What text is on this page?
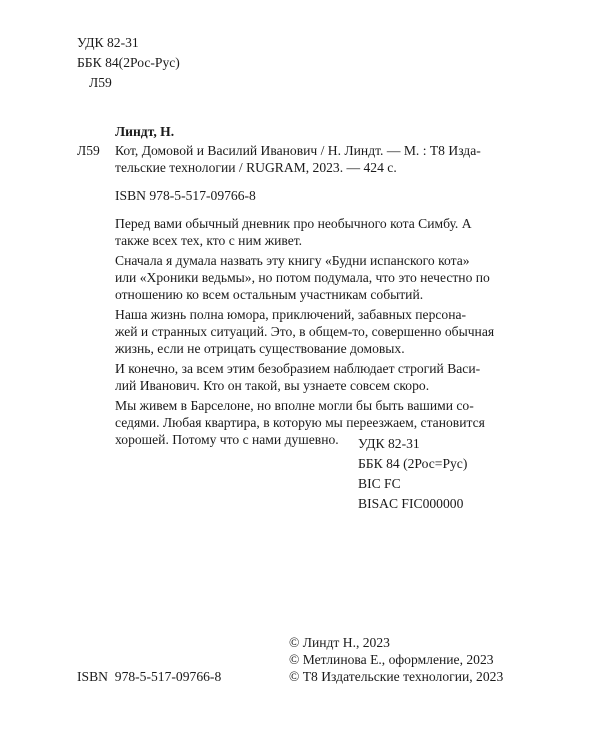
УДК 82-31
ББК 84(2Рос-Рус)
Л59
Линдт, Н.
Л59 Кот, Домовой и Василий Иванович / Н. Линдт. — М. : Т8 Изда-
тельские технологии / RUGRAM, 2023. — 424 с.
ISBN 978-5-517-09766-8

Перед вами обычный дневник про необычного кота Симбу. А
также всех тех, кто с ним живет.

Сначала я думала назвать эту книгу «Будни испанского кота»
или «Хроники ведьмы», но потом подумала, что это нечестно по
отношению ко всем остальным участникам событий.

Наша жизнь полна юмора, приключений, забавных персона-
жей и странных ситуаций. Это, в общем-то, совершенно обычная
жизнь, если не отрицать существование домовых.

И конечно, за всем этим безобразием наблюдает строгий Васи-
лий Иванович. Кто он такой, вы узнаете совсем скоро.

Мы живем в Барселоне, но вполне могли бы быть вашими со-
седями. Любая квартира, в которую мы переезжаем, становится
хорошей. Потому что с нами душевно.	УДК 82-31
ББК 84 (2Рос=Рус)
BIC FC
BISAC FIC000000
© Линдт Н., 2023
© Метлинова Е., оформление, 2023
© Т8 Издательские технологии, 2023
ISBN  978-5-517-09766-8
